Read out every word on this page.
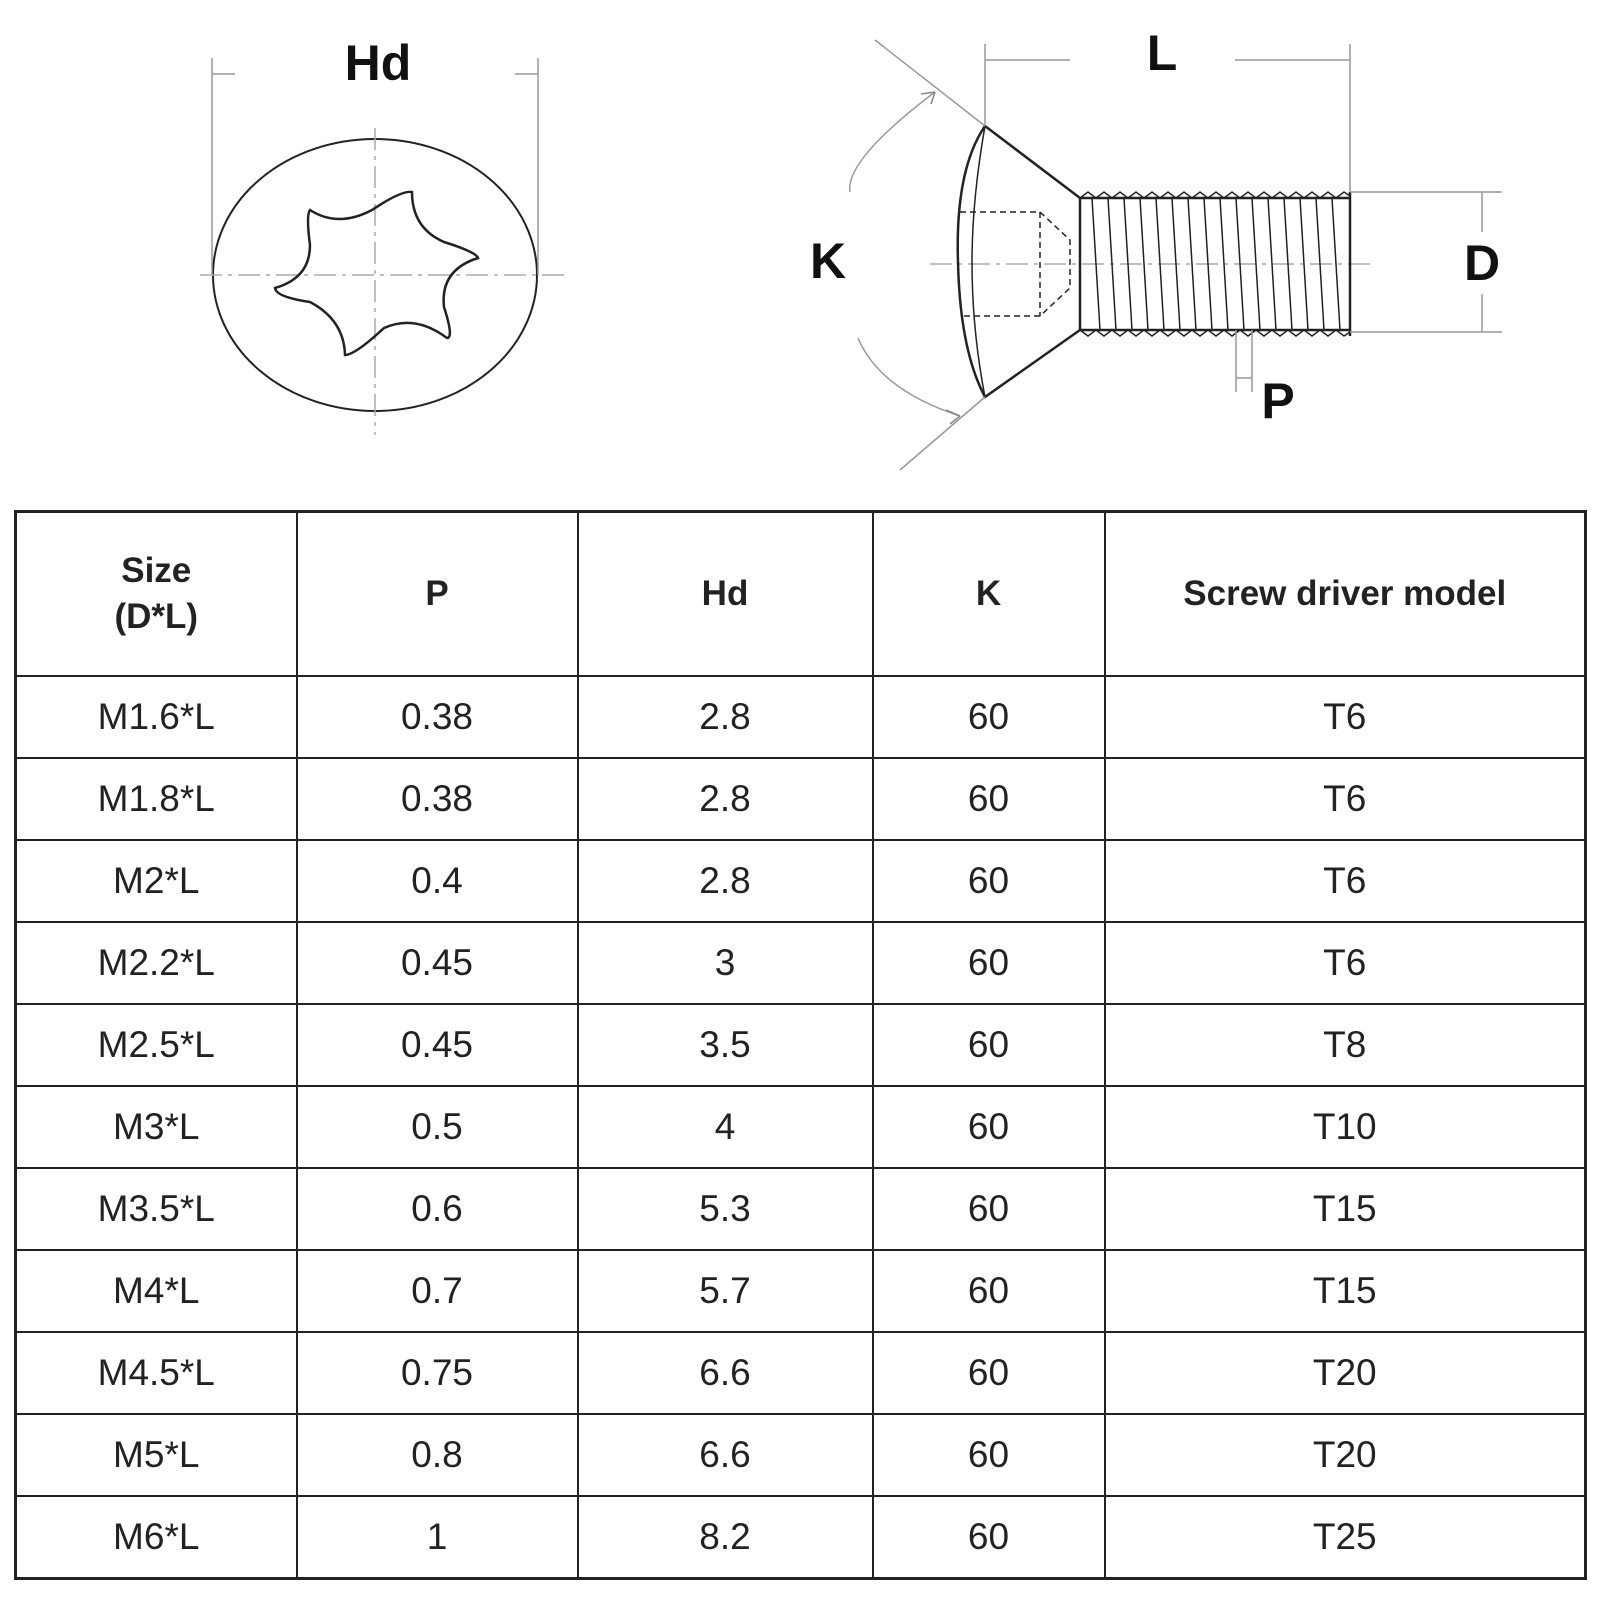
Hd	L
K	D
P
Size
(D*L)	P	Hd	K	Screw driver model
M1.6*L	0.38	2.8	60	T6
M1.8*L	0.38	2.8	60	T6
M2*L	0.4	2.8	60	T6
M2.2*L	0.45	3	60	T6
M2.5*L	0.45	3.5	60	T8
M3*L	0.5	4	60	T10
M3.5*L	0.6	5.3	60	T15
M4*L	0.7	5.7	60	T15
M4.5*L	0.75	6.6	60	T20
M5*L	0.8	6.6	60	T20
M6*L	1	8.2	60	T25
